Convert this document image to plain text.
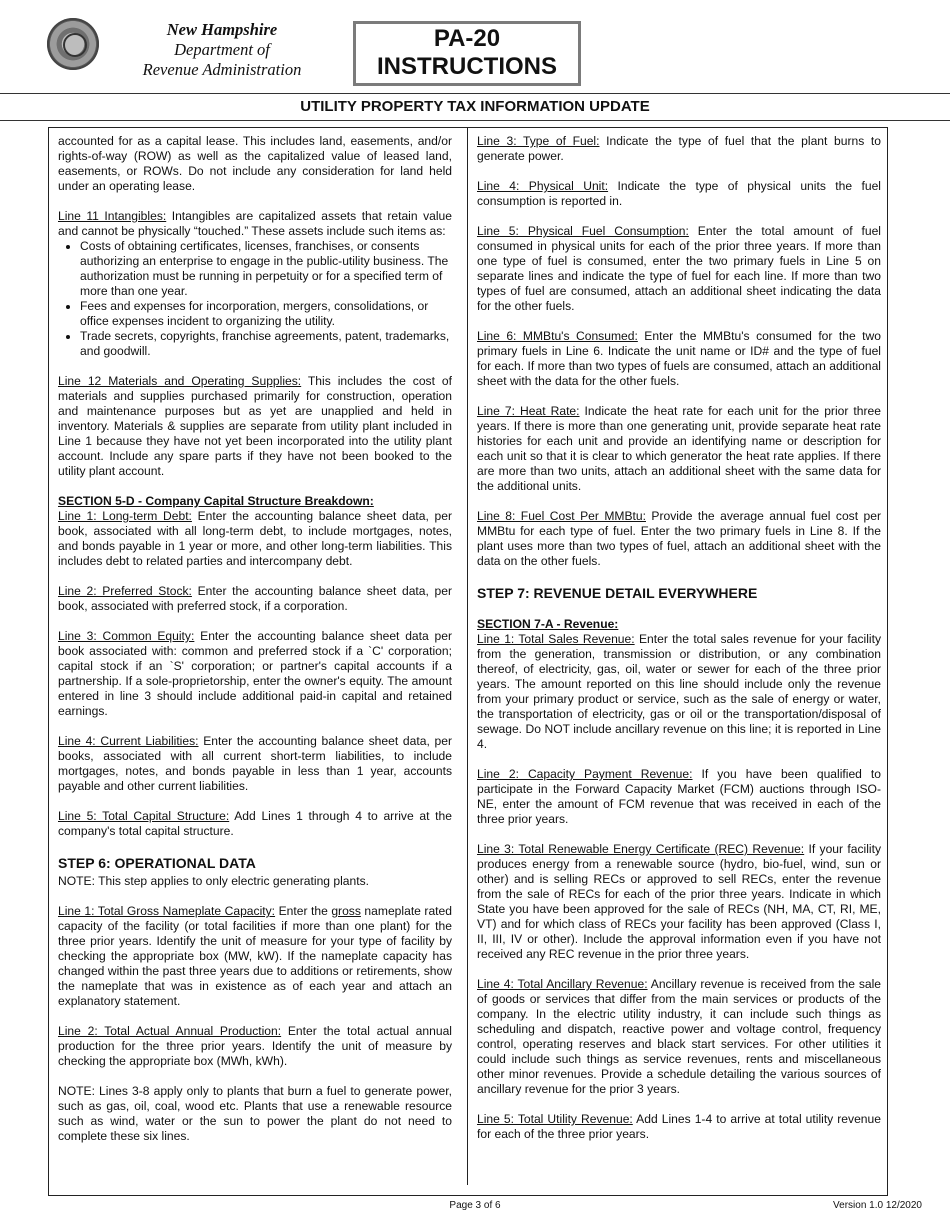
New Hampshire
Department of
Revenue Administration
PA-20
INSTRUCTIONS
UTILITY PROPERTY TAX INFORMATION UPDATE

accounted for as a capital lease. This includes land, easements, and/or rights-of-way (ROW) as well as the capitalized value of leased land, easements, or ROWs. Do not include any consideration for land held under an operating lease.

Line 11 Intangibles: Intangibles are capitalized assets that retain value and cannot be physically “touched.” These assets include such items as:

• Costs of obtaining certificates, licenses, franchises, or consents authorizing an enterprise to engage in the public-utility business. The authorization must be running in perpetuity or for a specified term of more than one year.
• Fees and expenses for incorporation, mergers, consolidations, or office expenses incident to organizing the utility.
• Trade secrets, copyrights, franchise agreements, patent, trademarks, and goodwill.

Line 12 Materials and Operating Supplies: This includes the cost of materials and supplies purchased primarily for construction, operation and maintenance purposes but as yet are unapplied and held in inventory. Materials & supplies are separate from utility plant included in Line 1 because they have not yet been incorporated into the utility plant account. Include any spare parts if they have not been booked to the utility plant account.

SECTION 5-D - Company Capital Structure Breakdown:
Line 1: Long-term Debt: Enter the accounting balance sheet data, per book, associated with all long-term debt, to include mortgages, notes, and bonds payable in 1 year or more, and other long-term liabilities. This includes debt to related parties and intercompany debt.

Line 2: Preferred Stock: Enter the accounting balance sheet data, per book, associated with preferred stock, if a corporation.

Line 3: Common Equity: Enter the accounting balance sheet data per book associated with: common and preferred stock if a `C' corporation; capital stock if an `S' corporation; or partner's capital accounts if a partnership. If a sole-proprietorship, enter the owner's equity. The amount entered in line 3 should include additional paid-in capital and retained earnings.

Line 4: Current Liabilities: Enter the accounting balance sheet data, per books, associated with all current short-term liabilities, to include mortgages, notes, and bonds payable in less than 1 year, accounts payable and other current liabilities.

Line 5: Total Capital Structure: Add Lines 1 through 4 to arrive at the company's total capital structure.

STEP 6: OPERATIONAL DATA

NOTE: This step applies to only electric generating plants.

Line 1: Total Gross Nameplate Capacity: Enter the gross nameplate rated capacity of the facility (or total facilities if more than one plant) for the three prior years. Identify the unit of measure for your type of facility by checking the appropriate box (MW, kW). If the nameplate capacity has changed within the past three years due to additions or retirements, show the nameplate that was in existence as of each year and attach an explanatory statement.

Line 2: Total Actual Annual Production: Enter the total actual annual production for the three prior years. Identify the unit of measure by checking the appropriate box (MWh, kWh).

NOTE: Lines 3-8 apply only to plants that burn a fuel to generate power, such as gas, oil, coal, wood etc. Plants that use a renewable resource such as wind, water or the sun to power the plant do not need to complete these six lines.

Line 3: Type of Fuel: Indicate the type of fuel that the plant burns to generate power.

Line 4: Physical Unit: Indicate the type of physical units the fuel consumption is reported in.

Line 5: Physical Fuel Consumption: Enter the total amount of fuel consumed in physical units for each of the prior three years. If more than one type of fuel is consumed, enter the two primary fuels in Line 5 on separate lines and indicate the type of fuel for each line. If more than two types of fuel are consumed, attach an additional sheet indicating the data for the other fuels.

Line 6: MMBtu's Consumed: Enter the MMBtu's consumed for the two primary fuels in Line 6. Indicate the unit name or ID# and the type of fuel for each. If more than two types of fuels are consumed, attach an additional sheet with the data for the other fuels.

Line 7: Heat Rate: Indicate the heat rate for each unit for the prior three years. If there is more than one generating unit, provide separate heat rate histories for each unit and provide an identifying name or description for each unit so that it is clear to which generator the heat rate applies. If there are more than two units, attach an additional sheet with the same data for the additional units.

Line 8: Fuel Cost Per MMBtu: Provide the average annual fuel cost per MMBtu for each type of fuel. Enter the two primary fuels in Line 8. If the plant uses more than two types of fuel, attach an additional sheet with the data on the other fuels.

STEP 7: REVENUE DETAIL EVERYWHERE

SECTION 7-A - Revenue:
Line 1: Total Sales Revenue: Enter the total sales revenue for your facility from the generation, transmission or distribution, or any combination thereof, of electricity, gas, oil, water or sewer for each of the three prior years. The amount reported on this line should include only the revenue from your primary product or service, such as the sale of energy or water, the transportation of electricity, gas or oil or the transportation/disposal of sewage. Do NOT include ancillary revenue on this line; it is reported in Line 4.

Line 2: Capacity Payment Revenue: If you have been qualified to participate in the Forward Capacity Market (FCM) auctions through ISO-NE, enter the amount of FCM revenue that was received in each of the three prior years.

Line 3: Total Renewable Energy Certificate (REC) Revenue: If your facility produces energy from a renewable source (hydro, bio-fuel, wind, sun or other) and is selling RECs or approved to sell RECs, enter the revenue from the sale of RECs for each of the prior three years. Indicate in which State you have been approved for the sale of RECs (NH, MA, CT, RI, ME, VT) and for which class of RECs your facility has been approved (Class I, II, III, IV or other). Include the approval information even if you have not received any REC revenue in the prior three years.

Line 4: Total Ancillary Revenue: Ancillary revenue is received from the sale of goods or services that differ from the main services or products of the company. In the electric utility industry, it can include such things as scheduling and dispatch, reactive power and voltage control, frequency control, operating reserves and black start services. For other utilities it could include such things as service revenues, rents and miscellaneous other minor revenues. Provide a schedule detailing the various sources of ancillary revenue for the prior 3 years.

Line 5: Total Utility Revenue: Add Lines 1-4 to arrive at total utility revenue for each of the three prior years.

Page 3 of 6	Version 1.0 12/2020
